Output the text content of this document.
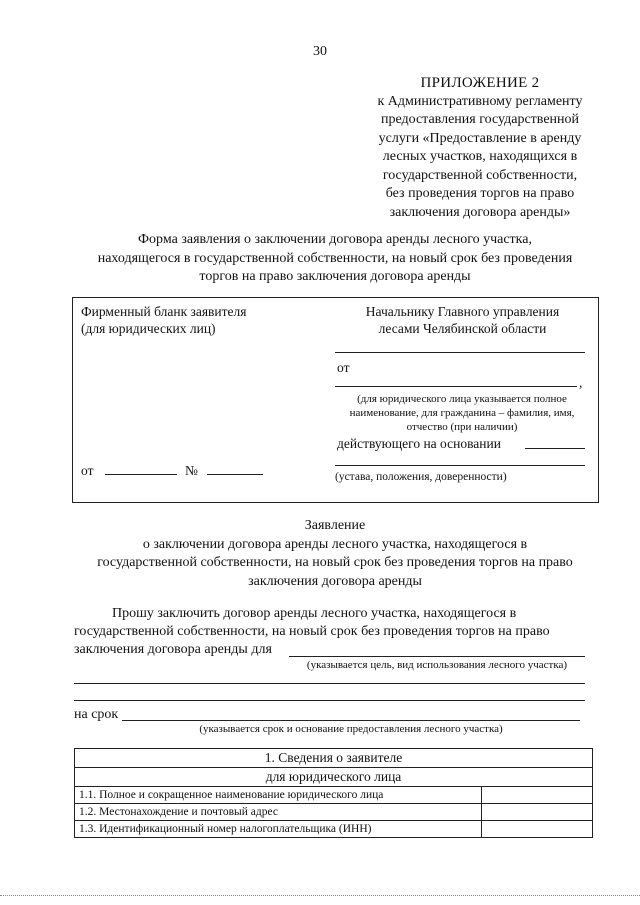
30
ПРИЛОЖЕНИЕ 2
к Административному регламенту
предоставления государственной
услуги «Предоставление в аренду
лесных участков, находящихся в
государственной собственности,
без проведения торгов на право
заключения договора аренды»
Форма заявления о заключении договора аренды лесного участка,
находящегося в государственной собственности, на новый срок без проведения
торгов на право заключения договора аренды
Фирменный бланк заявителя
(для юридических лиц)
от	№
Начальнику Главного управления
лесами Челябинской области
от
,
(для юридического лица указывается полное
наименование, для гражданина – фамилия, имя,
отчество (при наличии)
действующего на основании
(устава, положения, доверенности)
Заявление
о заключении договора аренды лесного участка, находящегося в
государственной собственности, на новый срок без проведения торгов на право
заключения договора аренды
Прошу заключить договор аренды лесного участка, находящегося в
государственной собственности, на новый срок без проведения торгов на право
заключения договора аренды для
(указывается цель, вид использования лесного участка)
на срок
(указывается срок и основание предоставления лесного участка)
1. Сведения о заявителе	
для юридического лица	
1.1. Полное и сокращенное наименование юридического лица	
1.2. Местонахождение и почтовый адрес	
1.3. Идентификационный номер налогоплательщика (ИНН)	
